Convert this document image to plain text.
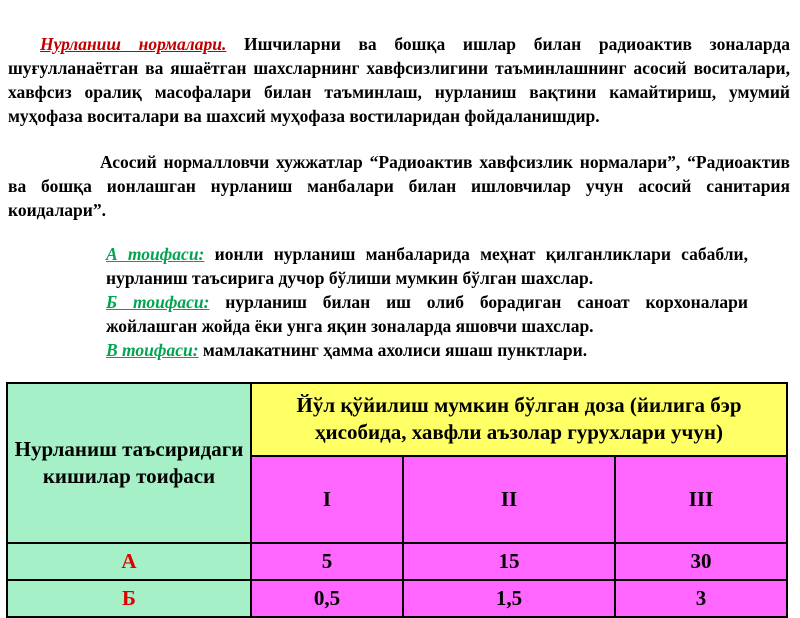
Нурланиш нормалари. Ишчиларни ва бошқа ишлар билан радиоактив зоналарда шуғулланаётган ва яшаётган шахсларнинг хавфсизлигини таъминлашнинг асосий воситалари, хавфсиз оралиқ масофалари билан таъминлаш, нурланиш вақтини камайтириш, умумий муҳофаза воситалари ва шахсий муҳофаза востиларидан фойдаланишдир.
Асосий нормалловчи хужжатлар “Радиоактив хавфсизлик нормалари”, “Радиоактив ва бошқа ионлашган нурланиш манбалари билан ишловчилар учун асосий санитария коидалари”.
А тоифаси: ионли нурланиш манбаларида меҳнат қилганликлари сабабли, нурланиш таъсирига дучор бўлиши мумкин бўлган шахслар.
Б тоифаси: нурланиш билан иш олиб борадиган саноат корхоналари жойлашган жойда ёки унга яқин зоналарда яшовчи шахслар.
В тоифаси: мамлакатнинг ҳамма ахолиси яшаш пунктлари.
Нурланиш таъсиридаги кишилар тоифаси	Йўл қўйилиш мумкин бўлган доза (йилига бэр ҳисобида, хавфли аъзолар гурухлари учун)		
	I	II	III
А	5	15	30
Б	0,5	1,5	3
